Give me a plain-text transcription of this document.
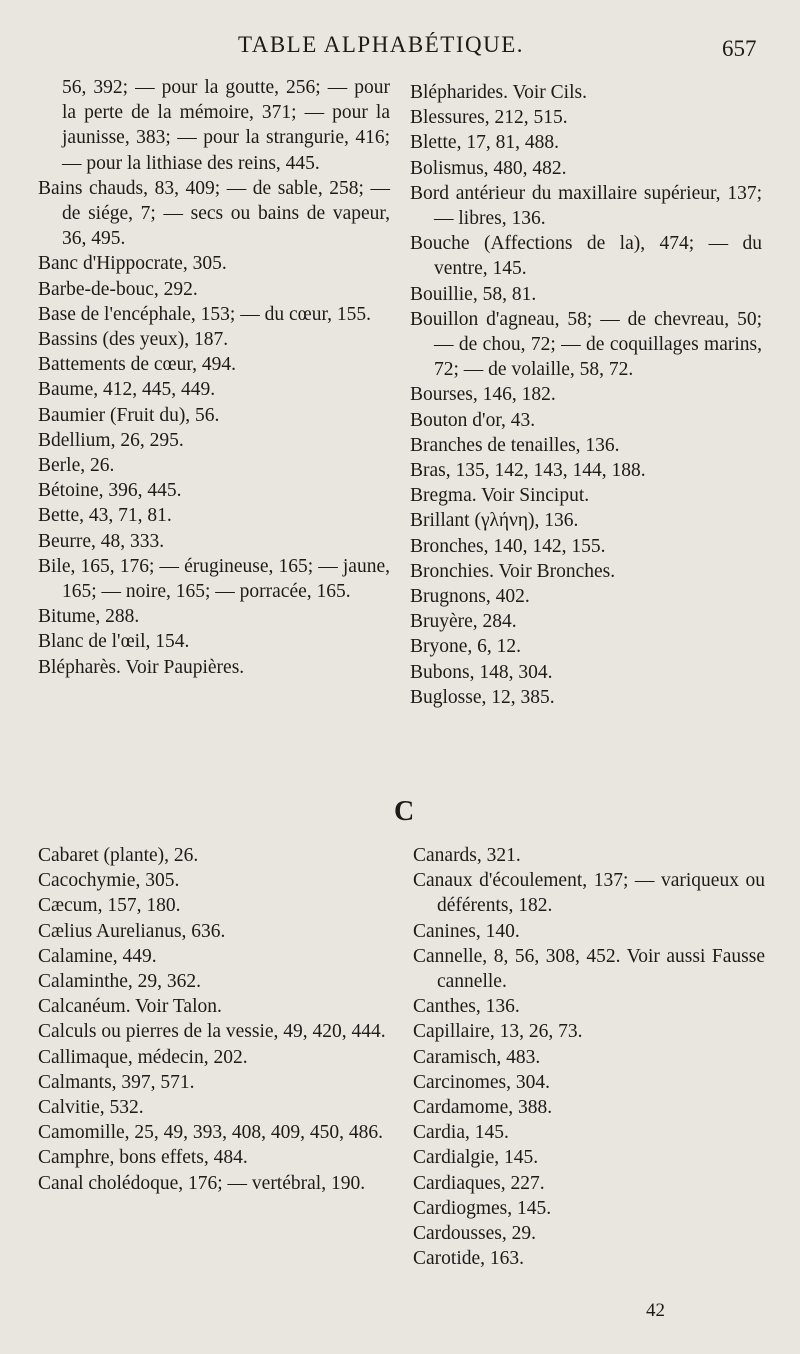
TABLE ALPHABÉTIQUE.	657
56, 392; — pour la goutte, 256; — pour la perte de la mémoire, 371; — pour la jaunisse, 383; — pour la strangurie, 416; — pour la lithiase des reins, 445.
Bains chauds, 83, 409; — de sable, 258; — de siége, 7; — secs ou bains de vapeur, 36, 495.
Banc d'Hippocrate, 305.
Barbe-de-bouc, 292.
Base de l'encéphale, 153; — du cœur, 155.
Bassins (des yeux), 187.
Battements de cœur, 494.
Baume, 412, 445, 449.
Baumier (Fruit du), 56.
Bdellium, 26, 295.
Berle, 26.
Bétoine, 396, 445.
Bette, 43, 71, 81.
Beurre, 48, 333.
Bile, 165, 176; — érugineuse, 165; — jaune, 165; — noire, 165; — porracée, 165.
Bitume, 288.
Blanc de l'œil, 154.
Blépharès. Voir Paupières.
Blépharides. Voir Cils.
Blessures, 212, 515.
Blette, 17, 81, 488.
Bolismus, 480, 482.
Bord antérieur du maxillaire supérieur, 137; — libres, 136.
Bouche (Affections de la), 474; — du ventre, 145.
Bouillie, 58, 81.
Bouillon d'agneau, 58; — de chevreau, 50; — de chou, 72; — de coquillages marins, 72; — de volaille, 58, 72.
Bourses, 146, 182.
Bouton d'or, 43.
Branches de tenailles, 136.
Bras, 135, 142, 143, 144, 188.
Bregma. Voir Sinciput.
Brillant (γλήνη), 136.
Bronches, 140, 142, 155.
Bronchies. Voir Bronches.
Brugnons, 402.
Bruyère, 284.
Bryone, 6, 12.
Bubons, 148, 304.
Buglosse, 12, 385.
C
Cabaret (plante), 26.
Cacochymie, 305.
Cæcum, 157, 180.
Cælius Aurelianus, 636.
Calamine, 449.
Calaminthe, 29, 362.
Calcanéum. Voir Talon.
Calculs ou pierres de la vessie, 49, 420, 444.
Callimaque, médecin, 202.
Calmants, 397, 571.
Calvitie, 532.
Camomille, 25, 49, 393, 408, 409, 450, 486.
Camphre, bons effets, 484.
Canal cholédoque, 176; — vertébral, 190.
Canards, 321.
Canaux d'écoulement, 137; — variqueux ou déférents, 182.
Canines, 140.
Cannelle, 8, 56, 308, 452. Voir aussi Fausse cannelle.
Canthes, 136.
Capillaire, 13, 26, 73.
Caramisch, 483.
Carcinomes, 304.
Cardamome, 388.
Cardia, 145.
Cardialgie, 145.
Cardiaques, 227.
Cardiogmes, 145.
Cardousses, 29.
Carotide, 163.
42
